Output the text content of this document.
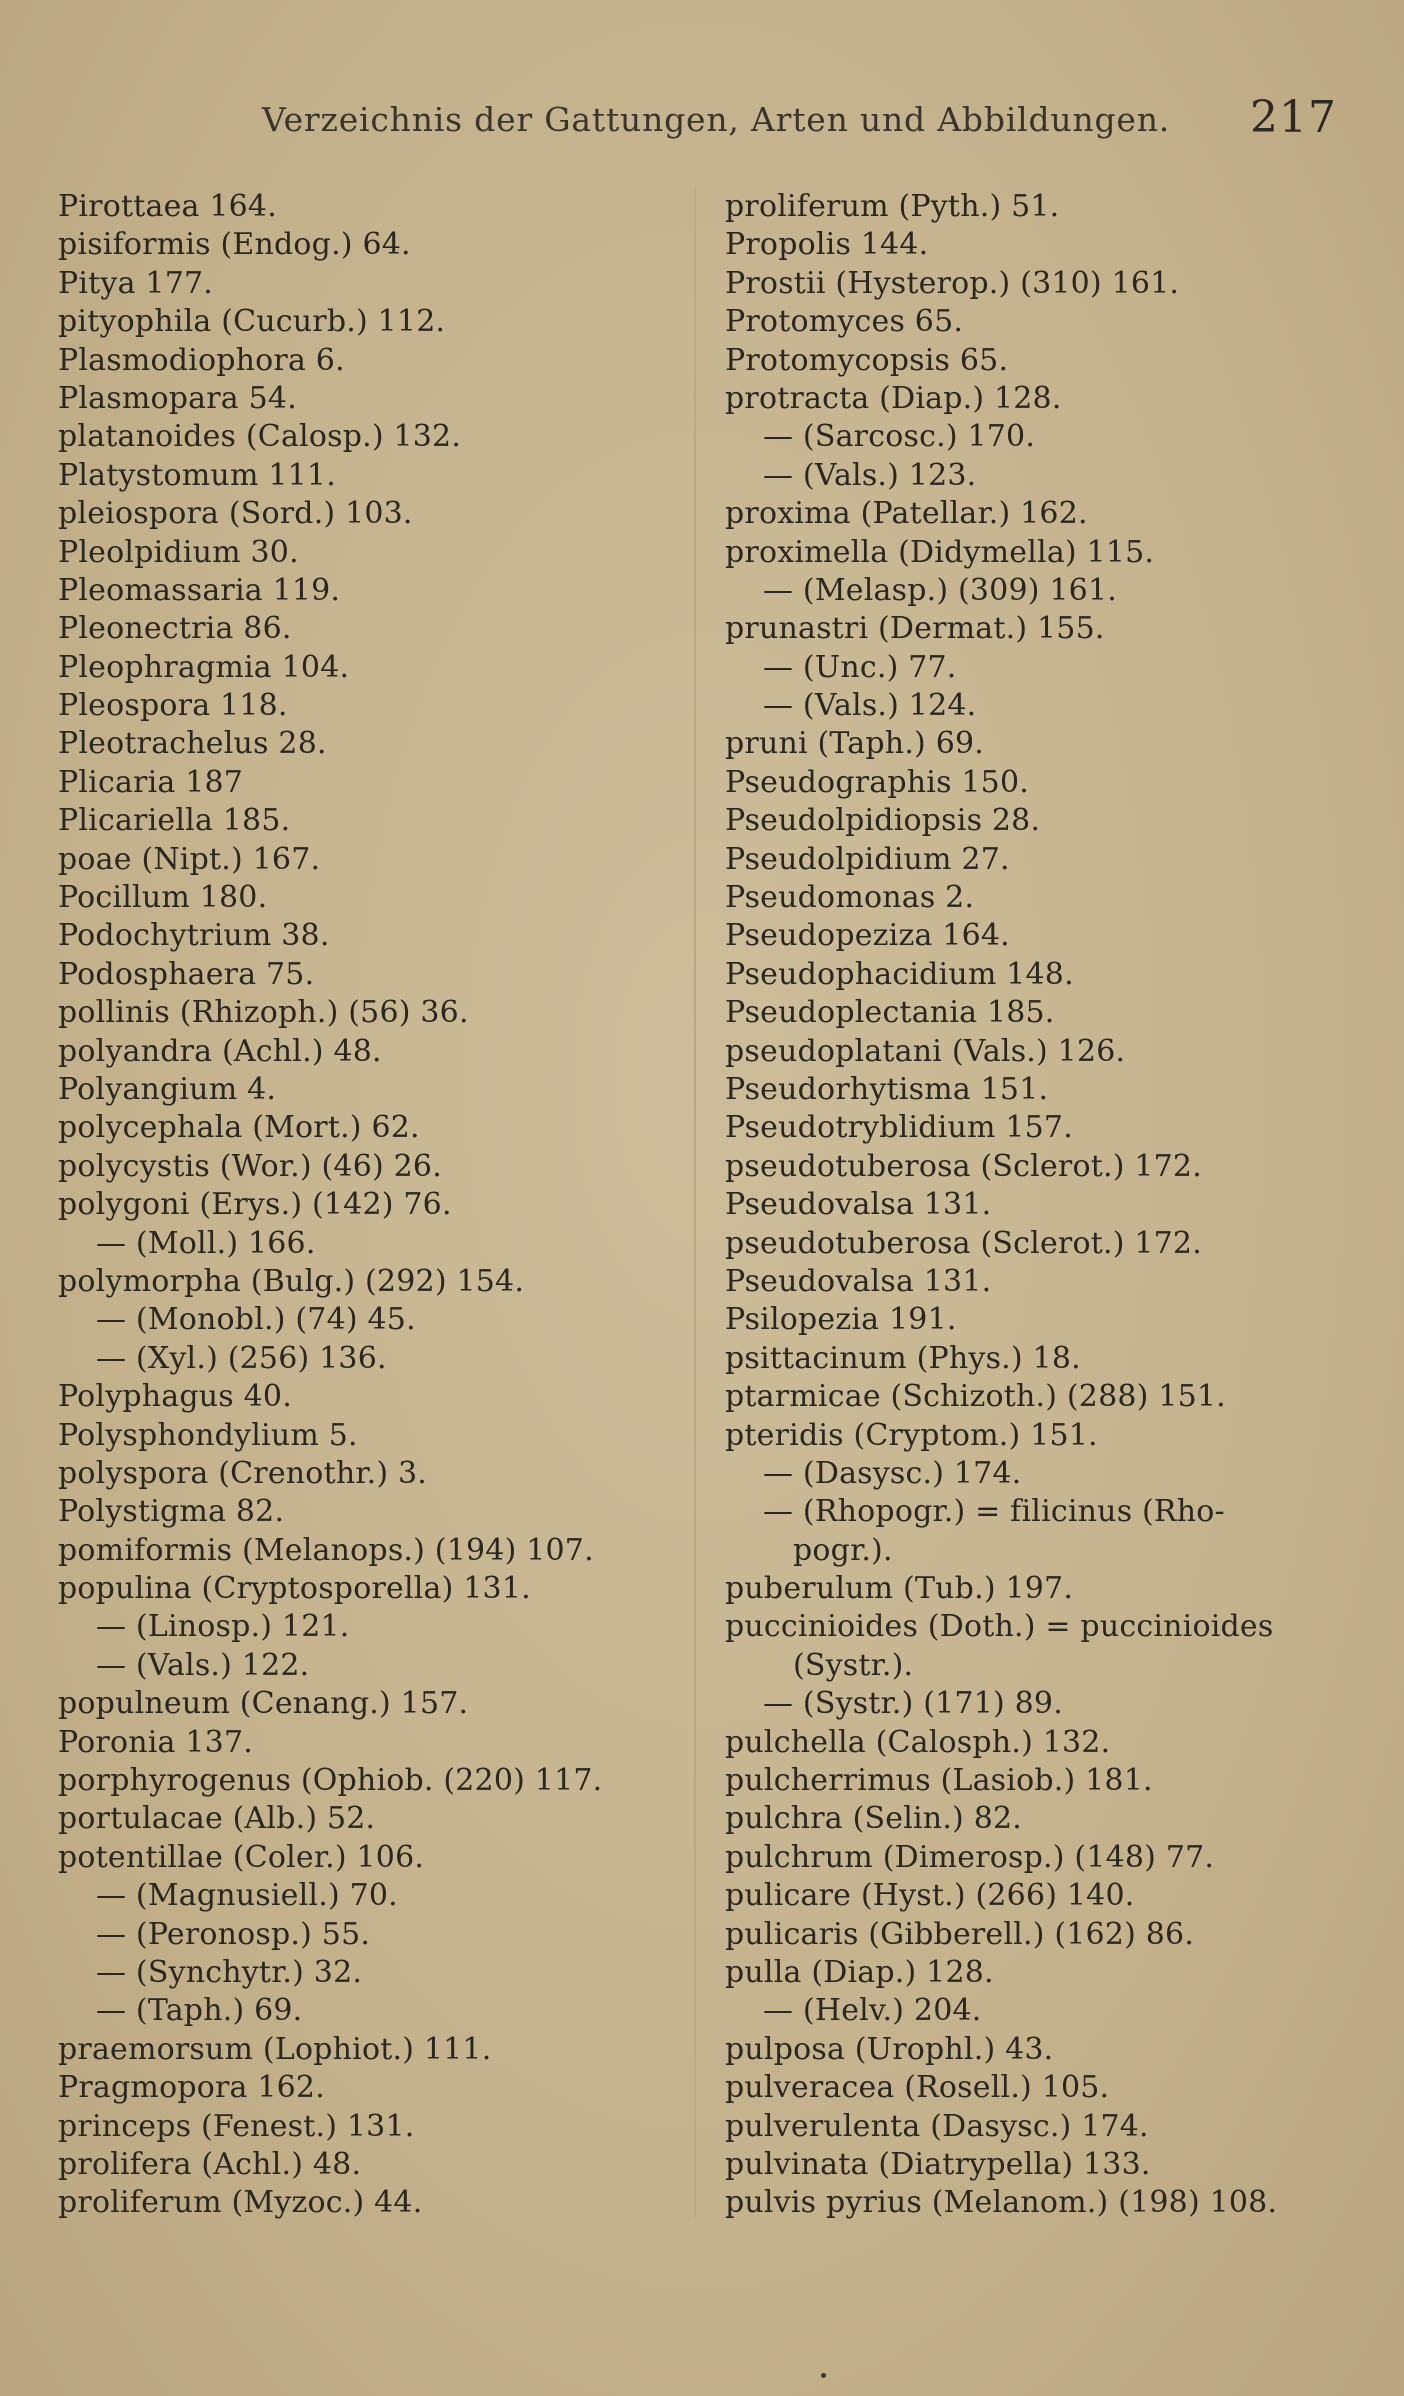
Verzeichnis der Gattungen, Arten und Abbildungen. 217
Pirottaea 164.
pisiformis (Endog.) 64.
Pitya 177.
pityophila (Cucurb.) 112.
Plasmodiophora 6.
Plasmopara 54.
platanoides (Calosp.) 132.
Platystomum 111.
pleiospora (Sord.) 103.
Pleolpidium 30.
Pleomassaria 119.
Pleonectria 86.
Pleophragmia 104.
Pleospora 118.
Pleotrachelus 28.
Plicaria 187
Plicariella 185.
poae (Nipt.) 167.
Pocillum 180.
Podochytrium 38.
Podosphaera 75.
pollinis (Rhizoph.) (56) 36.
polyandra (Achl.) 48.
Polyangium 4.
polycephala (Mort.) 62.
polycystis (Wor.) (46) 26.
polygoni (Erys.) (142) 76.
— (Moll.) 166.
polymorpha (Bulg.) (292) 154.
— (Monobl.) (74) 45.
— (Xyl.) (256) 136.
Polyphagus 40.
Polysphondylium 5.
polyspora (Crenothr.) 3.
Polystigma 82.
pomiformis (Melanops.) (194) 107.
populina (Cryptosporella) 131.
— (Linosp.) 121.
— (Vals.) 122.
populneum (Cenang.) 157.
Poronia 137.
porphyrogenus (Ophiob. (220) 117.
portulacae (Alb.) 52.
potentillae (Coler.) 106.
— (Magnusiell.) 70.
— (Peronosp.) 55.
— (Synchytr.) 32.
— (Taph.) 69.
praemorsum (Lophiot.) 111.
Pragmopora 162.
princeps (Fenest.) 131.
prolifera (Achl.) 48.
proliferum (Myzoc.) 44.
proliferum (Pyth.) 51.
Propolis 144.
Prostii (Hysterop.) (310) 161.
Protomyces 65.
Protomycopsis 65.
protracta (Diap.) 128.
— (Sarcosc.) 170.
— (Vals.) 123.
proxima (Patellar.) 162.
proximella (Didymella) 115.
— (Melasp.) (309) 161.
prunastri (Dermat.) 155.
— (Unc.) 77.
— (Vals.) 124.
pruni (Taph.) 69.
Pseudographis 150.
Pseudolpidiopsis 28.
Pseudolpidium 27.
Pseudomonas 2.
Pseudopeziza 164.
Pseudophacidium 148.
Pseudoplectania 185.
pseudoplatani (Vals.) 126.
Pseudorhytisma 151.
Pseudotryblidium 157.
pseudotuberosa (Sclerot.) 172.
Pseudovalsa 131.
pseudotuberosa (Sclerot.) 172.
Pseudovalsa 131.
Psilopezia 191.
psittacinum (Phys.) 18.
ptarmicae (Schizoth.) (288) 151.
pteridis (Cryptom.) 151.
— (Dasysc.) 174.
— (Rhopogr.) = filicinus (Rho-
pogr.).
puberulum (Tub.) 197.
puccinioides (Doth.) = puccinioides
(Systr.).
— (Systr.) (171) 89.
pulchella (Calosph.) 132.
pulcherrimus (Lasiob.) 181.
pulchra (Selin.) 82.
pulchrum (Dimerosp.) (148) 77.
pulicare (Hyst.) (266) 140.
pulicaris (Gibberell.) (162) 86.
pulla (Diap.) 128.
— (Helv.) 204.
pulposa (Urophl.) 43.
pulveracea (Rosell.) 105.
pulverulenta (Dasysc.) 174.
pulvinata (Diatrypella) 133.
pulvis pyrius (Melanom.) (198) 108.
